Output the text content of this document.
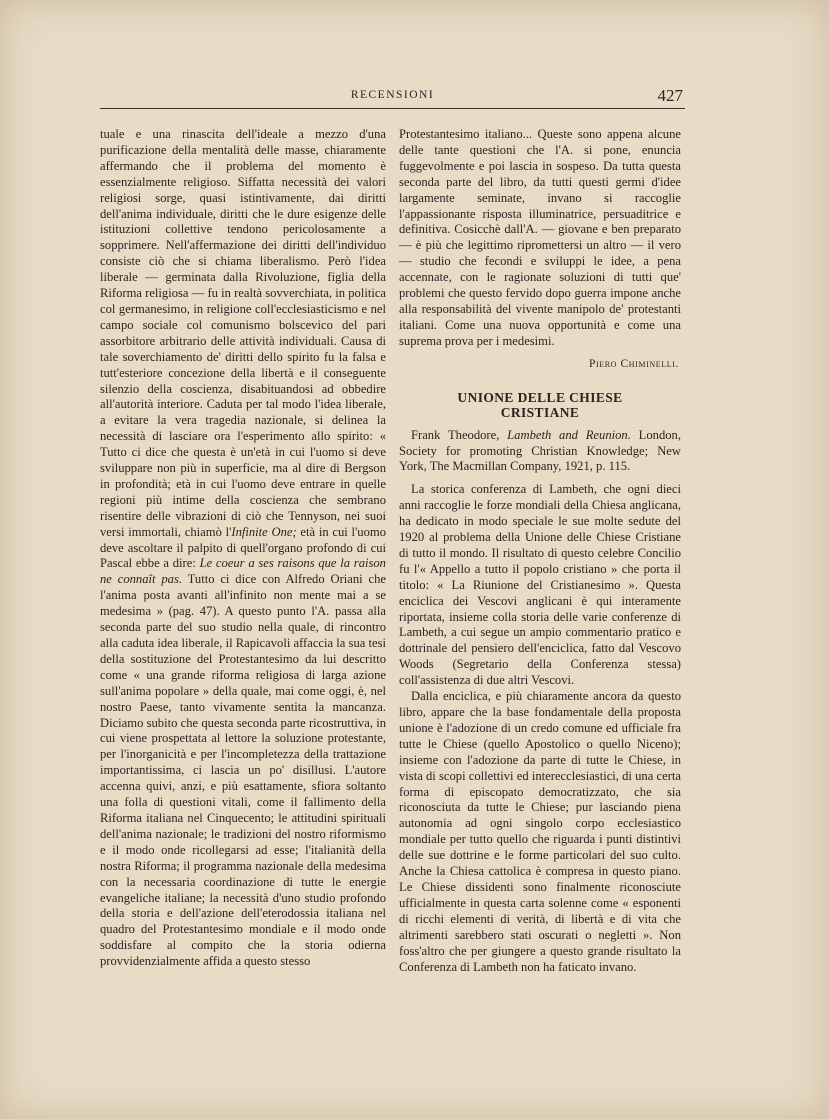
RECENSIONI	427

tuale e una rinascita dell'ideale a mezzo d'una purificazione della mentalità delle masse, chiaramente affermando che il problema del momento è essenzialmente religioso. Siffatta necessità dei valori religiosi sorge, quasi istintivamente, dai diritti dell'anima individuale, diritti che le dure esigenze delle istituzioni collettive tendono pericolosamente a sopprimere. Nell'affermazione dei diritti dell'individuo consiste ciò che si chiama liberalismo. Però l'idea liberale — germinata dalla Rivoluzione, figlia della Riforma religiosa — fu in realtà sovverchiata, in politica col germanesimo, in religione coll'ecclesiasticismo e nel campo sociale col comunismo bolscevico del pari assorbitore arbitrario delle attività individuali. Causa di tale soverchiamento de' diritti dello spirito fu la falsa e tutt'esteriore concezione della libertà e il conseguente silenzio della coscienza, disabituandosi ad obbedire all'autorità interiore. Caduta per tal modo l'idea liberale, a evitare la vera tragedia nazionale, si delinea la necessità di lasciare ora l'esperimento allo spirito: « Tutto ci dice che questa è un'età in cui l'uomo si deve sviluppare non più in superficie, ma al dire di Bergson in profondità; età in cui l'uomo deve entrare in quelle regioni più intime della coscienza che sembrano risentire delle vibrazioni di ciò che Tennyson, nei suoi versi immortali, chiamò l'Infinite One; età in cui l'uomo deve ascoltare il palpito di quell'organo profondo di cui Pascal ebbe a dire: Le coeur a ses raisons que la raison ne connaît pas. Tutto ci dice con Alfredo Oriani che l'anima posta avanti all'infinito non mente mai a se medesima » (pag. 47). A questo punto l'A. passa alla seconda parte del suo studio nella quale, di rincontro alla caduta idea liberale, il Rapicavoli affaccia la sua tesi della sostituzione del Protestantesimo da lui descritto come « una grande riforma religiosa di larga azione sull'anima popolare » della quale, mai come oggi, è, nel nostro Paese, tanto vivamente sentita la mancanza. Diciamo subito che questa seconda parte ricostruttiva, in cui viene prospettata al lettore la soluzione protestante, per l'inorganicità e per l'incompletezza della trattazione importantissima, ci lascia un po' disillusi. L'autore accenna quivi, anzi, e più esattamente, sfiora soltanto una folla di questioni vitali, come il fallimento della Riforma italiana nel Cinquecento; le attitudini spirituali dell'anima nazionale; le tradizioni del nostro riformismo e il modo onde ricollegarsi ad esse; l'italianità della nostra Riforma; il programma nazionale della medesima con la necessaria coordinazione di tutte le energie evangeliche italiane; la necessità d'uno studio profondo della storia e dell'azione dell'eterodossia italiana nel quadro del Protestantesimo mondiale e il modo onde soddisfare al compito che la storia odierna provvidenzialmente affida a questo stesso

Protestantesimo italiano... Queste sono appena alcune delle tante questioni che l'A. si pone, enuncia fuggevolmente e poi lascia in sospeso. Da tutta questa seconda parte del libro, da tutti questi germi d'idee largamente seminate, invano si raccoglie l'appassionante risposta illuminatrice, persuaditrice e definitiva. Cosicchè dall'A. — giovane e ben preparato — è più che legittimo ripromettersi un altro — il vero — studio che fecondi e sviluppi le idee, a pena accennate, con le ragionate soluzioni di tutti que' problemi che questo fervido dopo guerra impone anche alla responsabilità del vivente manipolo de' protestanti italiani. Come una nuova opportunità e come una suprema prova per i medesimi.

Piero Chiminelli.
UNIONE DELLE CHIESE CRISTIANE

Frank Theodore, Lambeth and Reunion. London, Society for promoting Christian Knowledge; New York, The Macmillan Company, 1921, p. 115.

La storica conferenza di Lambeth, che ogni dieci anni raccoglie le forze mondiali della Chiesa anglicana, ha dedicato in modo speciale le sue molte sedute del 1920 al problema della Unione delle Chiese Cristiane di tutto il mondo. Il risultato di questo celebre Concilio fu l'« Appello a tutto il popolo cristiano » che porta il titolo: « La Riunione del Cristianesimo ». Questa enciclica dei Vescovi anglicani è qui interamente riportata, insieme colla storia delle varie conferenze di Lambeth, a cui segue un ampio commentario pratico e dottrinale del pensiero dell'enciclica, fatto dal Vescovo Woods (Segretario della Conferenza stessa) coll'assistenza di due altri Vescovi.

Dalla enciclica, e più chiaramente ancora da questo libro, appare che la base fondamentale della proposta unione è l'adozione di un credo comune ed ufficiale fra tutte le Chiese (quello Apostolico o quello Niceno); insieme con l'adozione da parte di tutte le Chiese, in vista di scopi collettivi ed interecclesiastici, di una certa forma di episcopato democratizzato, che sia riconosciuta da tutte le Chiese; pur lasciando piena autonomia ad ogni singolo corpo ecclesiastico mondiale per tutto quello che riguarda i punti distintivi delle sue dottrine e le forme particolari del suo culto. Anche la Chiesa cattolica è compresa in questo piano. Le Chiese dissidenti sono finalmente riconosciute ufficialmente in questa carta solenne come « esponenti di ricchi elementi di verità, di libertà e di vita che altrimenti sarebbero stati oscurati o negletti ». Non foss'altro che per giungere a questo grande risultato la Conferenza di Lambeth non ha faticato invano.
